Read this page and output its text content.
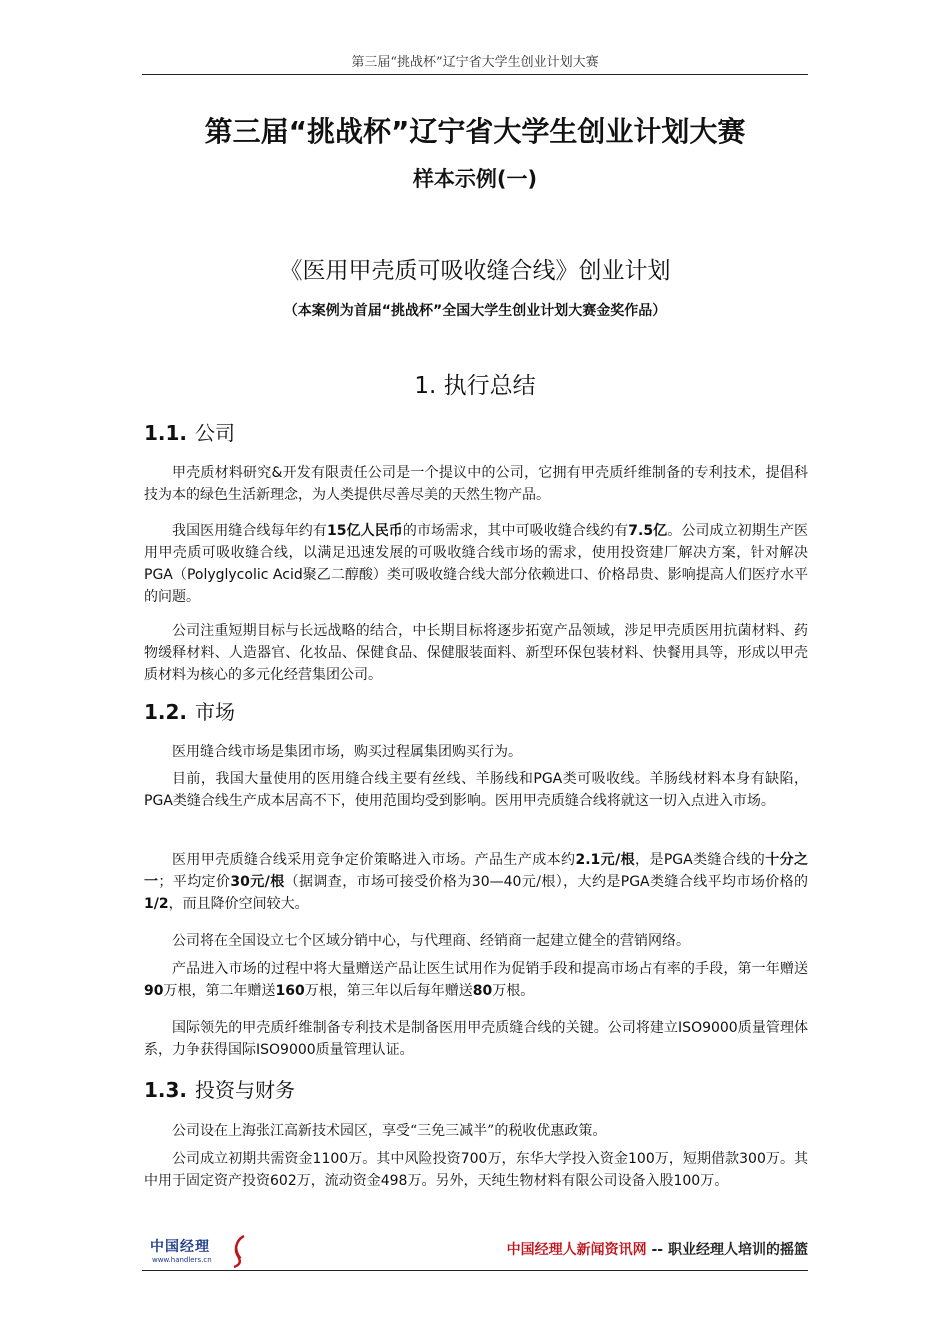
第三届“挑战杯”辽宁省大学生创业计划大赛
第三届“挑战杯”辽宁省大学生创业计划大赛
样本示例(一)
《医用甲壳质可吸收缝合线》创业计划
（本案例为首届“挑战杯”全国大学生创业计划大赛金奖作品）
1. 执行总结
1.1. 公司

甲壳质材料研究&开发有限责任公司是一个提议中的公司，它拥有甲壳质纤维制备的专利技术，提倡科技为本的绿色生活新理念，为人类提供尽善尽美的天然生物产品。

我国医用缝合线每年约有15亿人民币的市场需求，其中可吸收缝合线约有7.5亿。公司成立初期生产医用甲壳质可吸收缝合线，以满足迅速发展的可吸收缝合线市场的需求，使用投资建厂解决方案，针对解决PGA（Polyglycolic Acid聚乙二醇酸）类可吸收缝合线大部分依赖进口、价格昂贵、影响提高人们医疗水平的问题。

公司注重短期目标与长远战略的结合，中长期目标将逐步拓宽产品领域，涉足甲壳质医用抗菌材料、药物缓释材料、人造器官、化妆品、保健食品、保健服装面料、新型环保包装材料、快餐用具等，形成以甲壳质材料为核心的多元化经营集团公司。

1.2. 市场

医用缝合线市场是集团市场，购买过程属集团购买行为。

目前，我国大量使用的医用缝合线主要有丝线、羊肠线和PGA类可吸收线。羊肠线材料本身有缺陷，PGA类缝合线生产成本居高不下，使用范围均受到影响。医用甲壳质缝合线将就这一切入点进入市场。

医用甲壳质缝合线采用竞争定价策略进入市场。产品生产成本约2.1元/根，是PGA类缝合线的十分之一；平均定价30元/根（据调查，市场可接受价格为30—40元/根），大约是PGA类缝合线平均市场价格的1/2，而且降价空间较大。

公司将在全国设立七个区域分销中心，与代理商、经销商一起建立健全的营销网络。

产品进入市场的过程中将大量赠送产品让医生试用作为促销手段和提高市场占有率的手段，第一年赠送90万根，第二年赠送160万根，第三年以后每年赠送80万根。

国际领先的甲壳质纤维制备专利技术是制备医用甲壳质缝合线的关键。公司将建立ISO9000质量管理体系，力争获得国际ISO9000质量管理认证。

1.3. 投资与财务

公司设在上海张江高新技术园区，享受“三免三减半”的税收优惠政策。

公司成立初期共需资金1100万。其中风险投资700万，东华大学投入资金100万，短期借款300万。其中用于固定资产投资602万，流动资金498万。另外，天纯生物材料有限公司设备入股100万。

中国经理
www.handlers.cn
中国经理人新闻资讯网 -- 职业经理人培训的摇篮
